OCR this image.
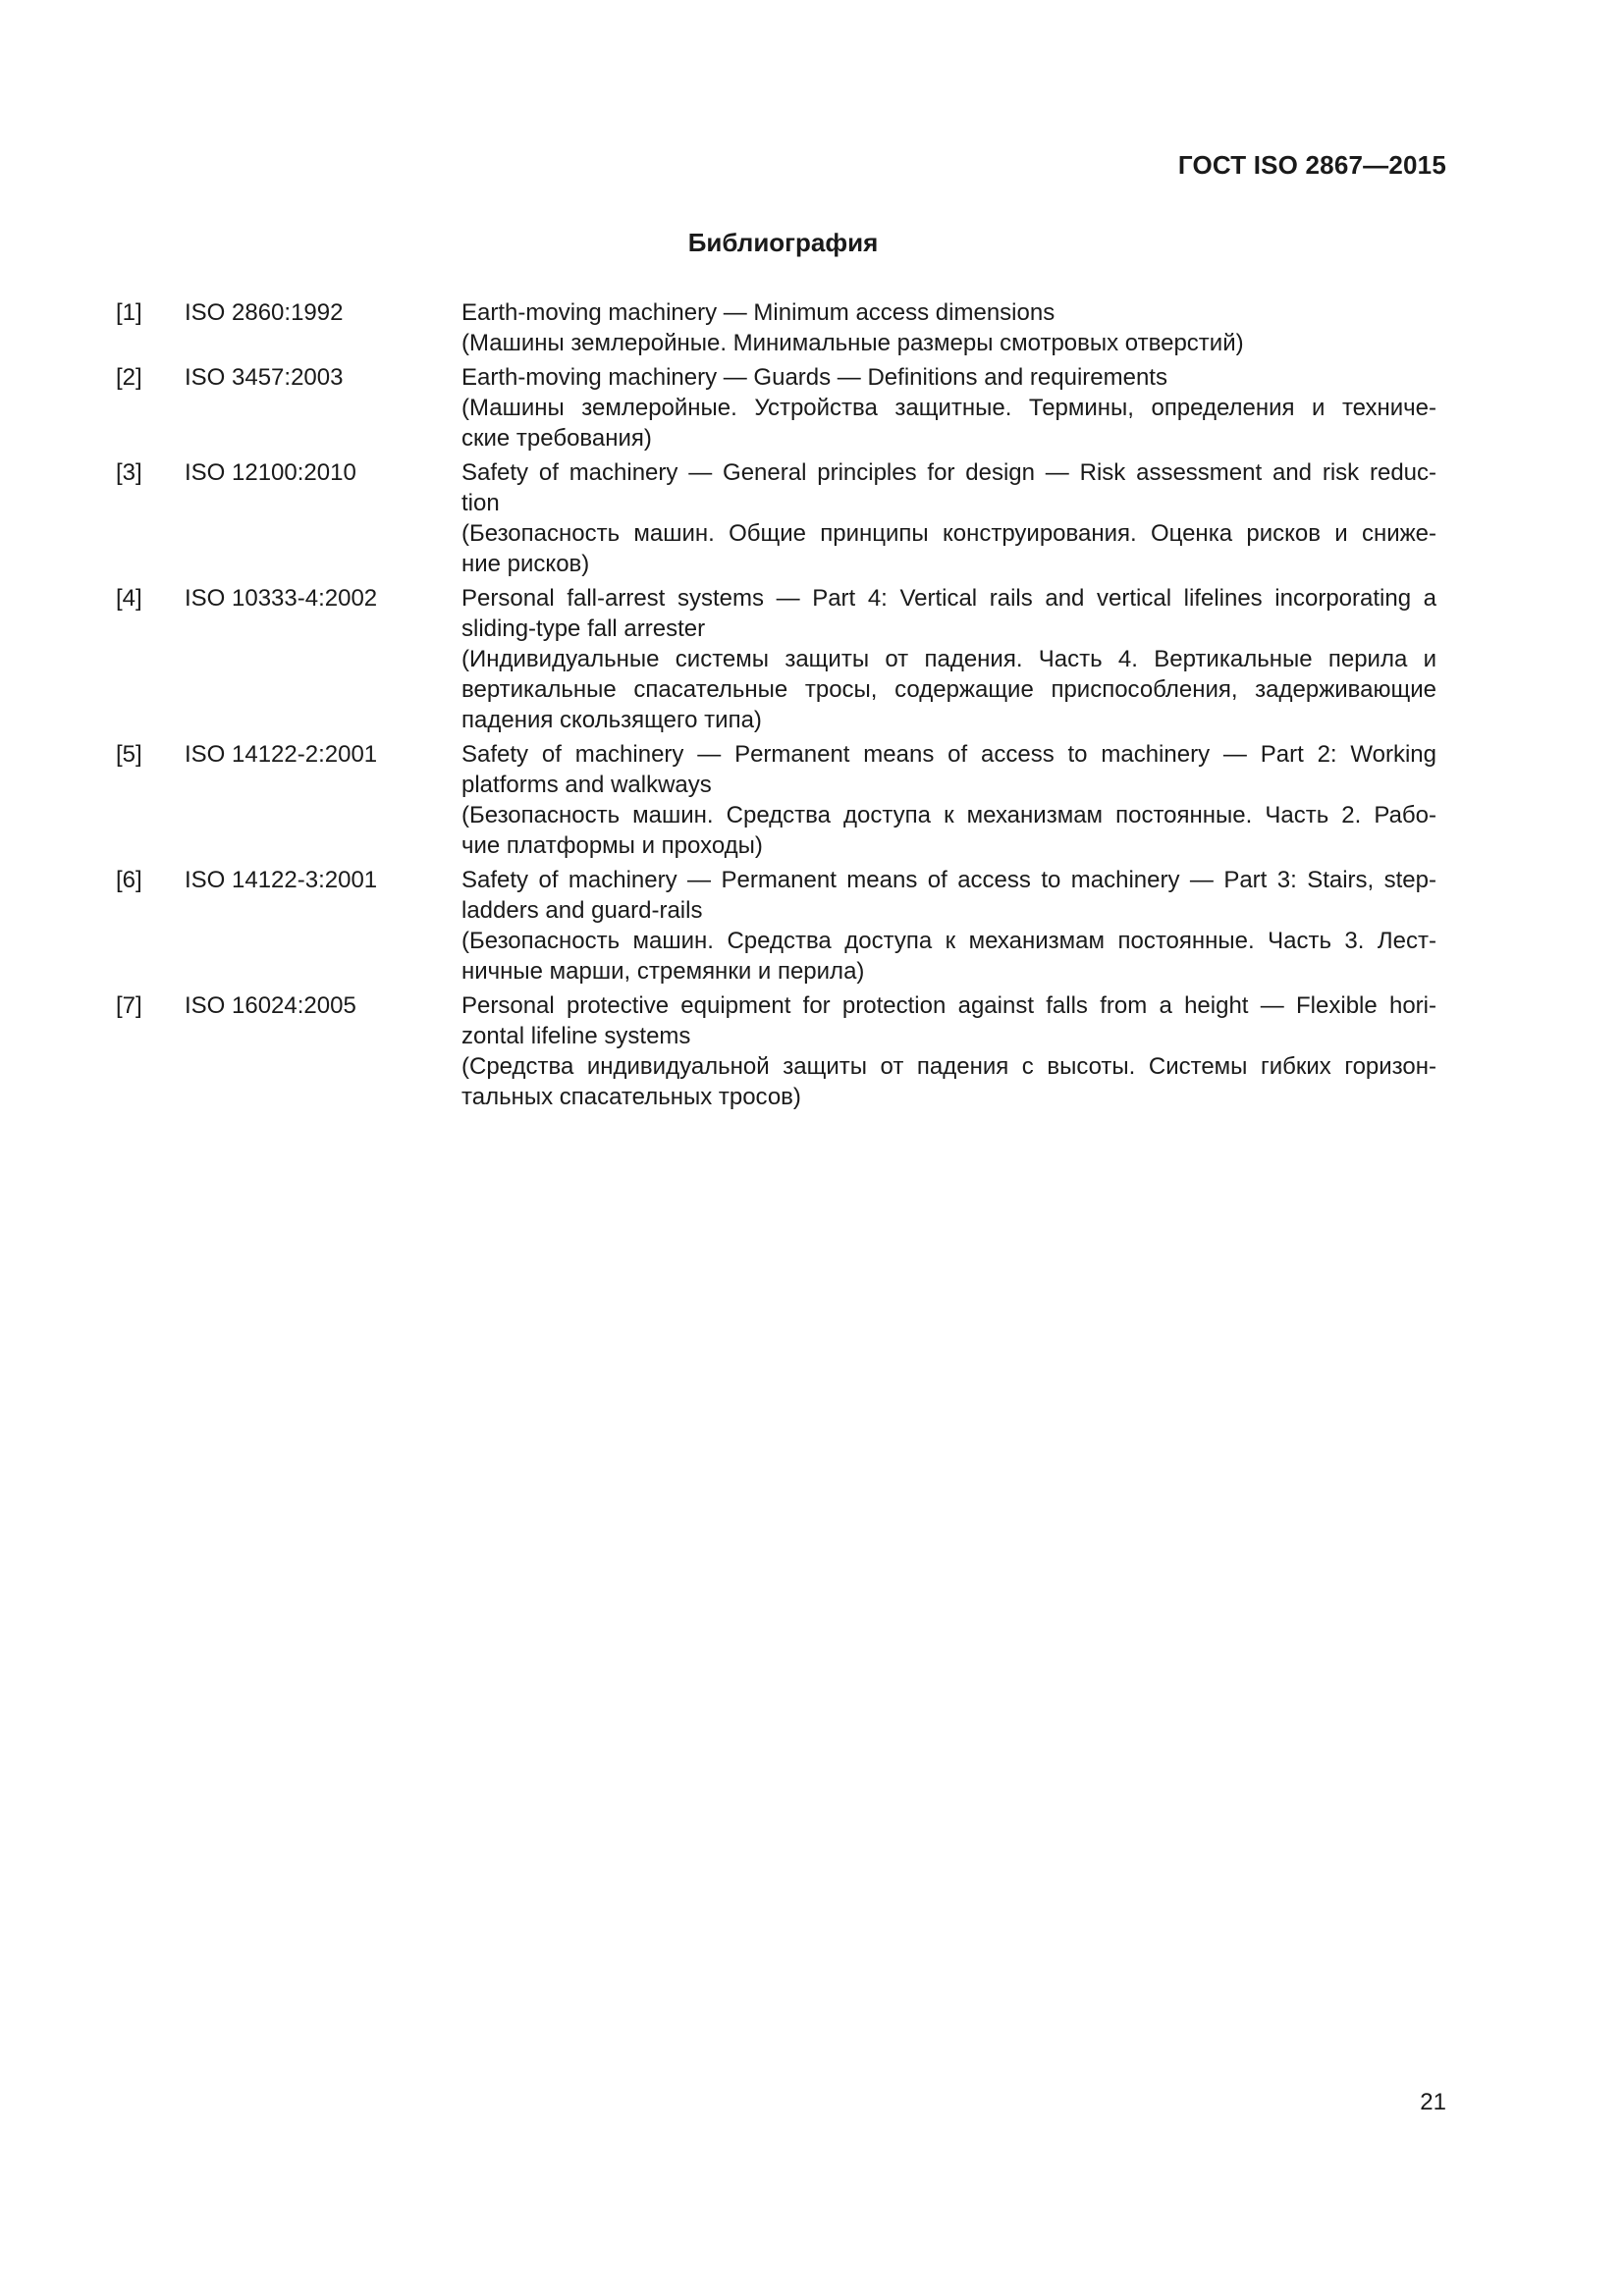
ГОСТ ISO 2867—2015
Библиография
[1]	ISO 2860:1992	Earth-moving machinery — Minimum access dimensions
(Машины землеройные. Минимальные размеры смотровых отверстий)
[2]	ISO 3457:2003	Earth-moving machinery — Guards — Definitions and requirements
(Машины землеройные. Устройства защитные. Термины, определения и техниче-
ские требования)
[3]	ISO 12100:2010	Safety of machinery — General principles for design — Risk assessment and risk reduc-
tion
(Безопасность машин. Общие принципы конструирования. Оценка рисков и сниже-
ние рисков)
[4]	ISO 10333-4:2002	Personal fall-arrest systems — Part 4: Vertical rails and vertical lifelines incorporating a
sliding-type fall arrester
(Индивидуальные системы защиты от падения. Часть 4. Вертикальные перила и
вертикальные спасательные тросы, содержащие приспособления, задерживающие
падения скользящего типа)
[5]	ISO 14122-2:2001	Safety of machinery — Permanent means of access to machinery — Part 2: Working
platforms and walkways
(Безопасность машин. Средства доступа к механизмам постоянные. Часть 2. Рабо-
чие платформы и проходы)
[6]	ISO 14122-3:2001	Safety of machinery — Permanent means of access to machinery — Part 3: Stairs, step-
ladders and guard-rails
(Безопасность машин. Средства доступа к механизмам постоянные. Часть 3. Лест-
ничные марши, стремянки и перила)
[7]	ISO 16024:2005	Personal protective equipment for protection against falls from a height — Flexible hori-
zontal lifeline systems
(Средства индивидуальной защиты от падения с высоты. Системы гибких горизон-
тальных спасательных тросов)
21
